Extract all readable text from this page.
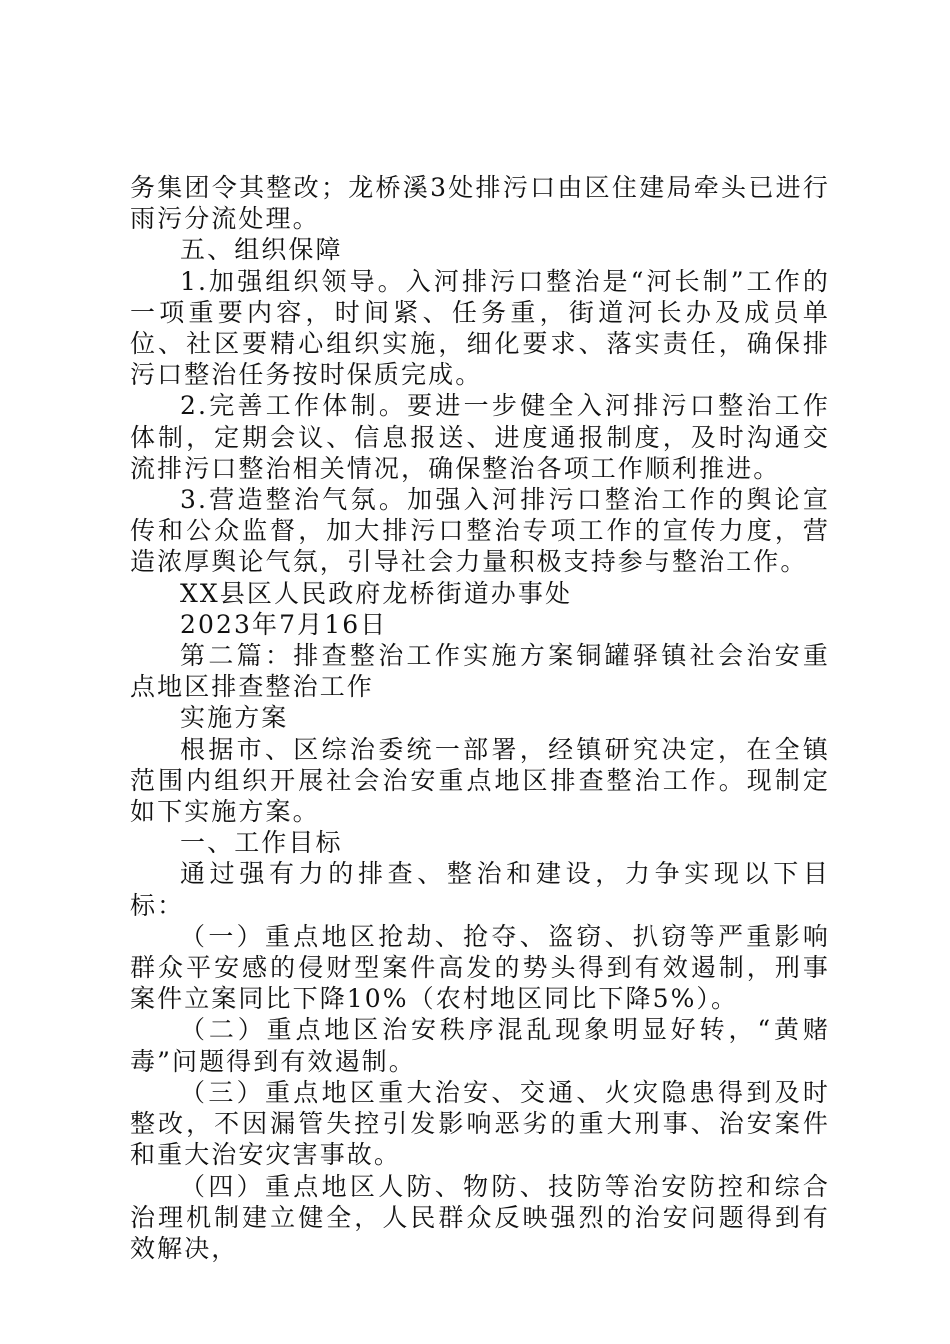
务集团令其整改；龙桥溪3处排污口由区住建局牵头已进行雨污分流处理。

五、组织保障

1.加强组织领导。入河排污口整治是“河长制”工作的一项重要内容，时间紧、任务重，街道河长办及成员单位、社区要精心组织实施，细化要求、落实责任，确保排污口整治任务按时保质完成。

2.完善工作体制。要进一步健全入河排污口整治工作体制，定期会议、信息报送、进度通报制度，及时沟通交流排污口整治相关情况，确保整治各项工作顺利推进。

3.营造整治气氛。加强入河排污口整治工作的舆论宣传和公众监督，加大排污口整治专项工作的宣传力度，营造浓厚舆论气氛，引导社会力量积极支持参与整治工作。

XX县区人民政府龙桥街道办事处

2023年7月16日

第二篇：排查整治工作实施方案铜罐驿镇社会治安重点地区排查整治工作

实施方案

根据市、区综治委统一部署，经镇研究决定，在全镇范围内组织开展社会治安重点地区排查整治工作。现制定如下实施方案。

一、工作目标

通过强有力的排查、整治和建设，力争实现以下目标：

（一）重点地区抢劫、抢夺、盗窃、扒窃等严重影响群众平安感的侵财型案件高发的势头得到有效遏制，刑事案件立案同比下降10%（农村地区同比下降5%）。

（二）重点地区治安秩序混乱现象明显好转，“黄赌毒”问题得到有效遏制。

（三）重点地区重大治安、交通、火灾隐患得到及时整改，不因漏管失控引发影响恶劣的重大刑事、治安案件和重大治安灾害事故。

（四）重点地区人防、物防、技防等治安防控和综合治理机制建立健全，人民群众反映强烈的治安问题得到有效解决，
